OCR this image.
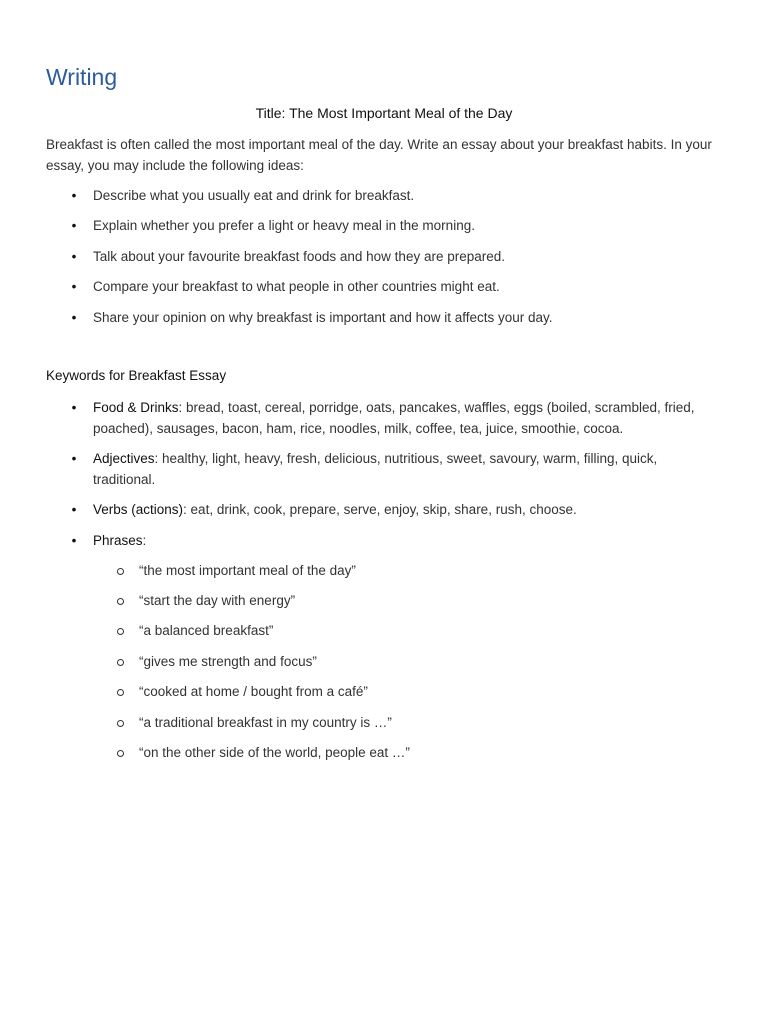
Writing

Title: The Most Important Meal of the Day

Breakfast is often called the most important meal of the day. Write an essay about your breakfast habits. In your essay, you may include the following ideas:

• Describe what you usually eat and drink for breakfast.
• Explain whether you prefer a light or heavy meal in the morning.
• Talk about your favourite breakfast foods and how they are prepared.
• Compare your breakfast to what people in other countries might eat.
• Share your opinion on why breakfast is important and how it affects your day.

Keywords for Breakfast Essay

• Food & Drinks: bread, toast, cereal, porridge, oats, pancakes, waffles, eggs (boiled, scrambled, fried, poached), sausages, bacon, ham, rice, noodles, milk, coffee, tea, juice, smoothie, cocoa.
• Adjectives: healthy, light, heavy, fresh, delicious, nutritious, sweet, savoury, warm, filling, quick, traditional.
• Verbs (actions): eat, drink, cook, prepare, serve, enjoy, skip, share, rush, choose.
• Phrases:
“the most important meal of the day”
“start the day with energy”
“a balanced breakfast”
“gives me strength and focus”
“cooked at home / bought from a café”
“a traditional breakfast in my country is …”
“on the other side of the world, people eat …”
